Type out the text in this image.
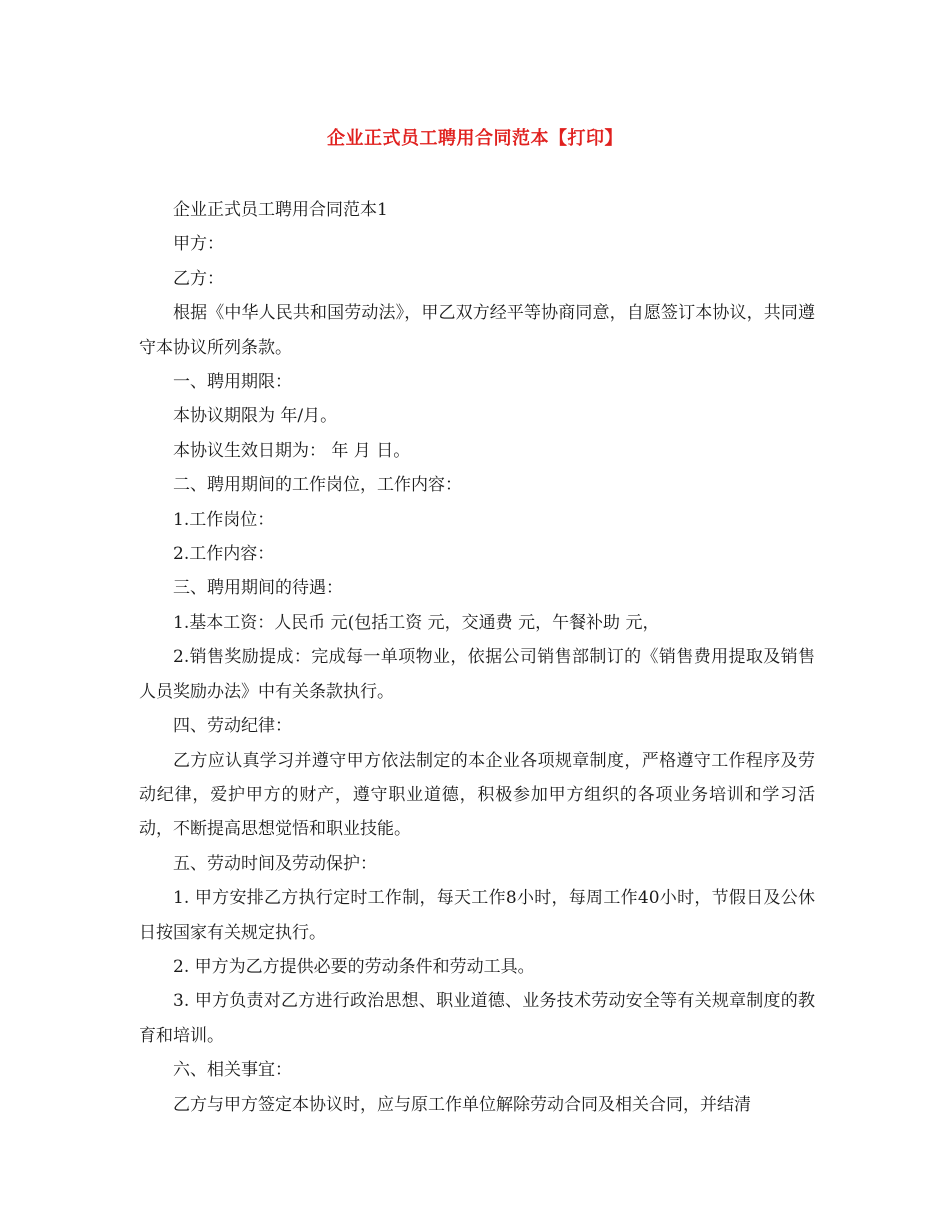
企业正式员工聘用合同范本【打印】

企业正式员工聘用合同范本1

甲方：

乙方：

根据《中华人民共和国劳动法》，甲乙双方经平等协商同意，自愿签订本协议，共同遵守本协议所列条款。

一、聘用期限：

本协议期限为 年/月。

本协议生效日期为： 年 月 日。

二、聘用期间的工作岗位，工作内容：

1.工作岗位：

2.工作内容：

三、聘用期间的待遇：

1.基本工资：人民币 元(包括工资 元，交通费 元，午餐补助 元，

2.销售奖励提成：完成每一单项物业，依据公司销售部制订的《销售费用提取及销售人员奖励办法》中有关条款执行。

四、劳动纪律：

乙方应认真学习并遵守甲方依法制定的本企业各项规章制度，严格遵守工作程序及劳动纪律，爱护甲方的财产，遵守职业道德，积极参加甲方组织的各项业务培训和学习活动，不断提高思想觉悟和职业技能。

五、劳动时间及劳动保护：

1. 甲方安排乙方执行定时工作制，每天工作8小时，每周工作40小时，节假日及公休日按国家有关规定执行。

2. 甲方为乙方提供必要的劳动条件和劳动工具。

3. 甲方负责对乙方进行政治思想、职业道德、业务技术劳动安全等有关规章制度的教育和培训。

六、相关事宜：

乙方与甲方签定本协议时，应与原工作单位解除劳动合同及相关合同，并结清
